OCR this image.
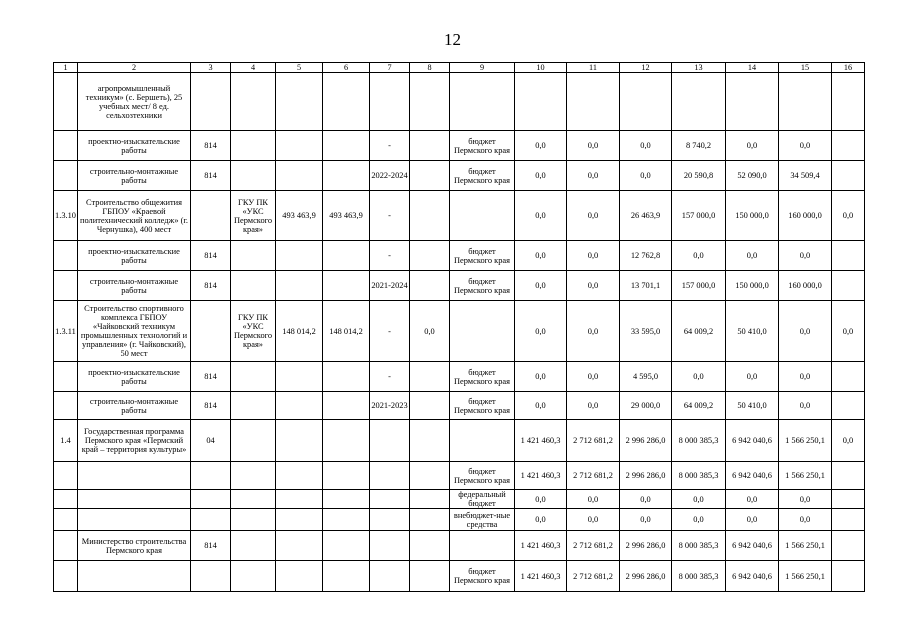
12
1	2	3	4	5	6	7	8	9	10	11	12	13	14	15	16
	агропромышленный техникум» (с. Бершеть), 25 учебных мест/ 8 ед. сельхозтехники														
	проектно-изыскательские работы	814				-		бюджет Пермского края	0,0	0,0	0,0	8 740,2	0,0	0,0	
	строительно-монтажные работы	814				2022-2024		бюджет Пермского края	0,0	0,0	0,0	20 590,8	52 090,0	34 509,4	
1.3.10	Строительство общежития ГБПОУ «Краевой политехнический колледж» (г. Чернушка), 400 мест		ГКУ ПК «УКС Пермского края»	493 463,9	493 463,9	-			0,0	0,0	26 463,9	157 000,0	150 000,0	160 000,0	0,0
	проектно-изыскательские работы	814				-		бюджет Пермского края	0,0	0,0	12 762,8	0,0	0,0	0,0	
	строительно-монтажные работы	814				2021-2024		бюджет Пермского края	0,0	0,0	13 701,1	157 000,0	150 000,0	160 000,0	
1.3.11	Строительство спортивного комплекса ГБПОУ «Чайковский техникум промышленных технологий и управления» (г. Чайковский), 50 мест		ГКУ ПК «УКС Пермского края»	148 014,2	148 014,2	-	0,0		0,0	0,0	33 595,0	64 009,2	50 410,0	0,0	0,0
	проектно-изыскательские работы	814				-		бюджет Пермского края	0,0	0,0	4 595,0	0,0	0,0	0,0	
	строительно-монтажные работы	814				2021-2023		бюджет Пермского края	0,0	0,0	29 000,0	64 009,2	50 410,0	0,0	
1.4	Государственная программа Пермского края «Пермский край – территория культуры»	04							1 421 460,3	2 712 681,2	2 996 286,0	8 000 385,3	6 942 040,6	1 566 250,1	0,0
								бюджет Пермского края	1 421 460,3	2 712 681,2	2 996 286,0	8 000 385,3	6 942 040,6	1 566 250,1	
								федеральный бюджет	0,0	0,0	0,0	0,0	0,0	0,0	
								внебюджет-ные средства	0,0	0,0	0,0	0,0	0,0	0,0	
	Министерство строительства Пермского края	814							1 421 460,3	2 712 681,2	2 996 286,0	8 000 385,3	6 942 040,6	1 566 250,1	
								бюджет Пермского края	1 421 460,3	2 712 681,2	2 996 286,0	8 000 385,3	6 942 040,6	1 566 250,1	
